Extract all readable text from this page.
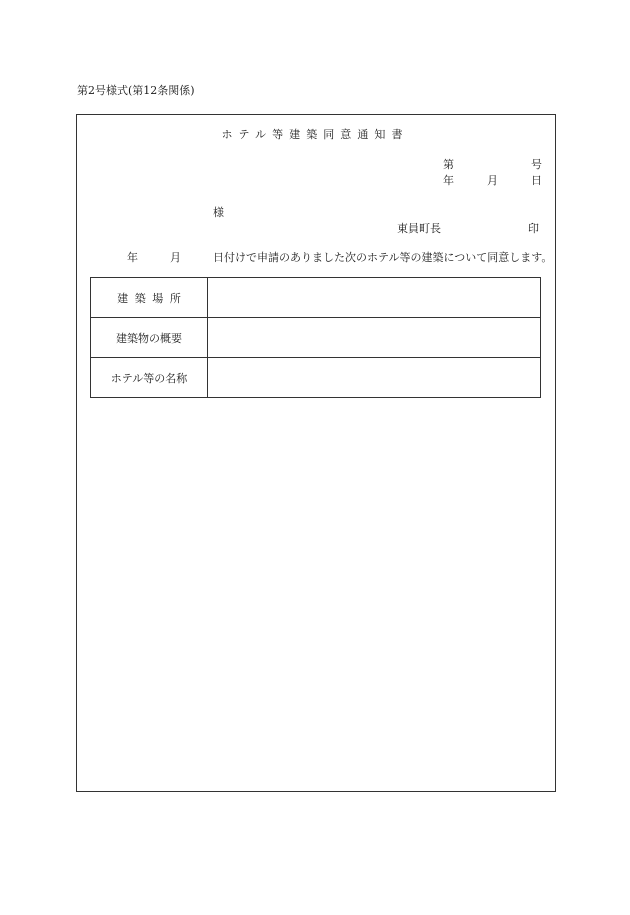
第2号様式(第12条関係)
ホテル等建築同意通知書
第	号
年	月	日
様
東員町長	印
年	月	日付けで申請のありました次のホテル等の建築について同意します。
建築場所	
建築物の概要	
ホテル等の名称	
